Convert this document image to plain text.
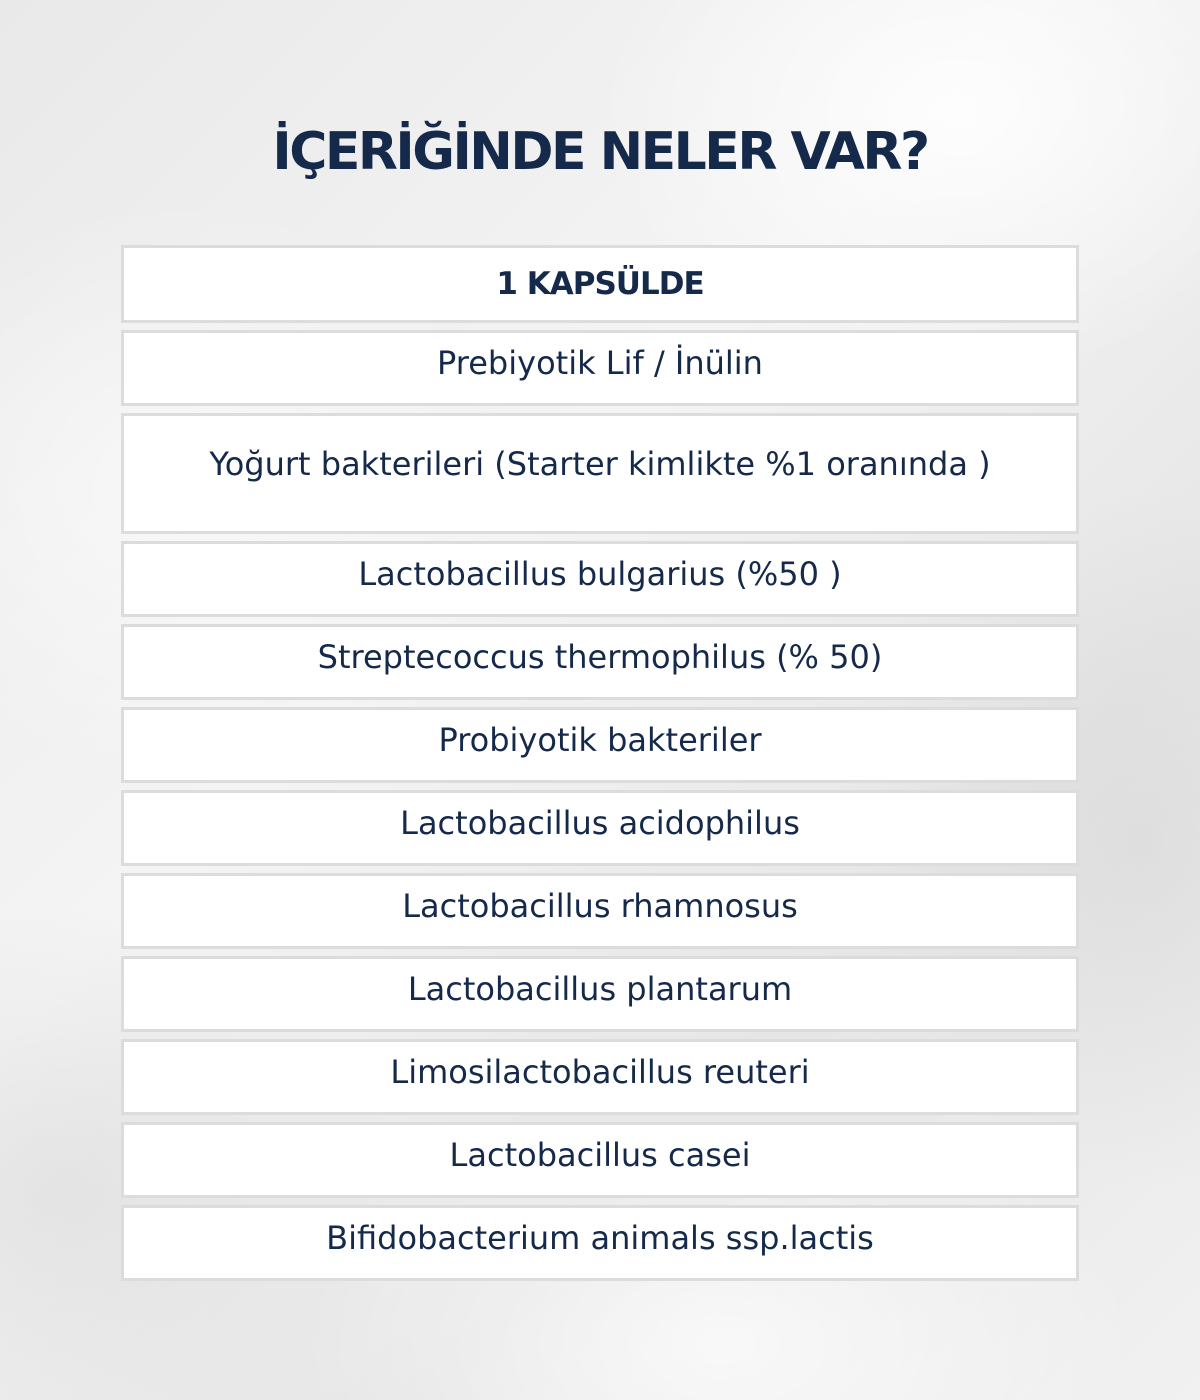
İÇERİĞİNDE NELER VAR?
1 KAPSÜLDE
Prebiyotik Lif / İnülin
Yoğurt bakterileri (Starter kimlikte %1 oranında )
Lactobacillus bulgarius (%50 )
Streptecoccus thermophilus (% 50)
Probiyotik bakteriler
Lactobacillus acidophilus
Lactobacillus rhamnosus
Lactobacillus plantarum
Limosilactobacillus reuteri
Lactobacillus casei
Bifidobacterium animals ssp.lactis
